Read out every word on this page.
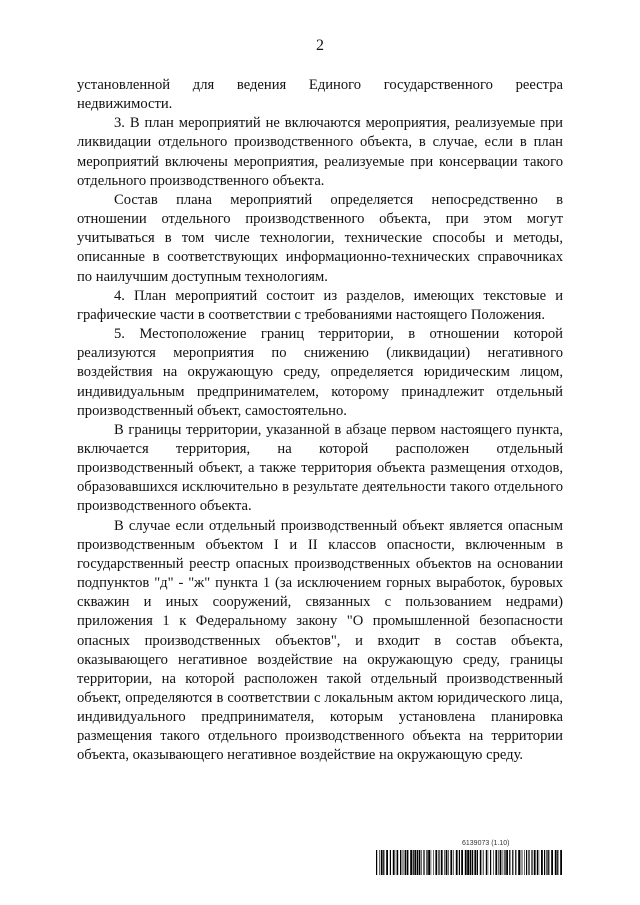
2

установленной для ведения Единого государственного реестра недвижимости.

3. В план мероприятий не включаются мероприятия, реализуемые при ликвидации отдельного производственного объекта, в случае, если в план мероприятий включены мероприятия, реализуемые при консервации такого отдельного производственного объекта.

Состав плана мероприятий определяется непосредственно в отношении отдельного производственного объекта, при этом могут учитываться в том числе технологии, технические способы и методы, описанные в соответствующих информационно-технических справочниках по наилучшим доступным технологиям.

4. План мероприятий состоит из разделов, имеющих текстовые и графические части в соответствии с требованиями настоящего Положения.

5. Местоположение границ территории, в отношении которой реализуются мероприятия по снижению (ликвидации) негативного воздействия на окружающую среду, определяется юридическим лицом, индивидуальным предпринимателем, которому принадлежит отдельный производственный объект, самостоятельно.

В границы территории, указанной в абзаце первом настоящего пункта, включается территория, на которой расположен отдельный производственный объект, а также территория объекта размещения отходов, образовавшихся исключительно в результате деятельности такого отдельного производственного объекта.

В случае если отдельный производственный объект является опасным производственным объектом I и II классов опасности, включенным в государственный реестр опасных производственных объектов на основании подпунктов "д" - "ж" пункта 1 (за исключением горных выработок, буровых скважин и иных сооружений, связанных с пользованием недрами) приложения 1 к Федеральному закону "О промышленной безопасности опасных производственных объектов", и входит в состав объекта, оказывающего негативное воздействие на окружающую среду, границы территории, на которой расположен такой отдельный производственный объект, определяются в соответствии с локальным актом юридического лица, индивидуального предпринимателя, которым установлена планировка размещения такого отдельного производственного объекта на территории объекта, оказывающего негативное воздействие на окружающую среду.

6139073 (1.10)
